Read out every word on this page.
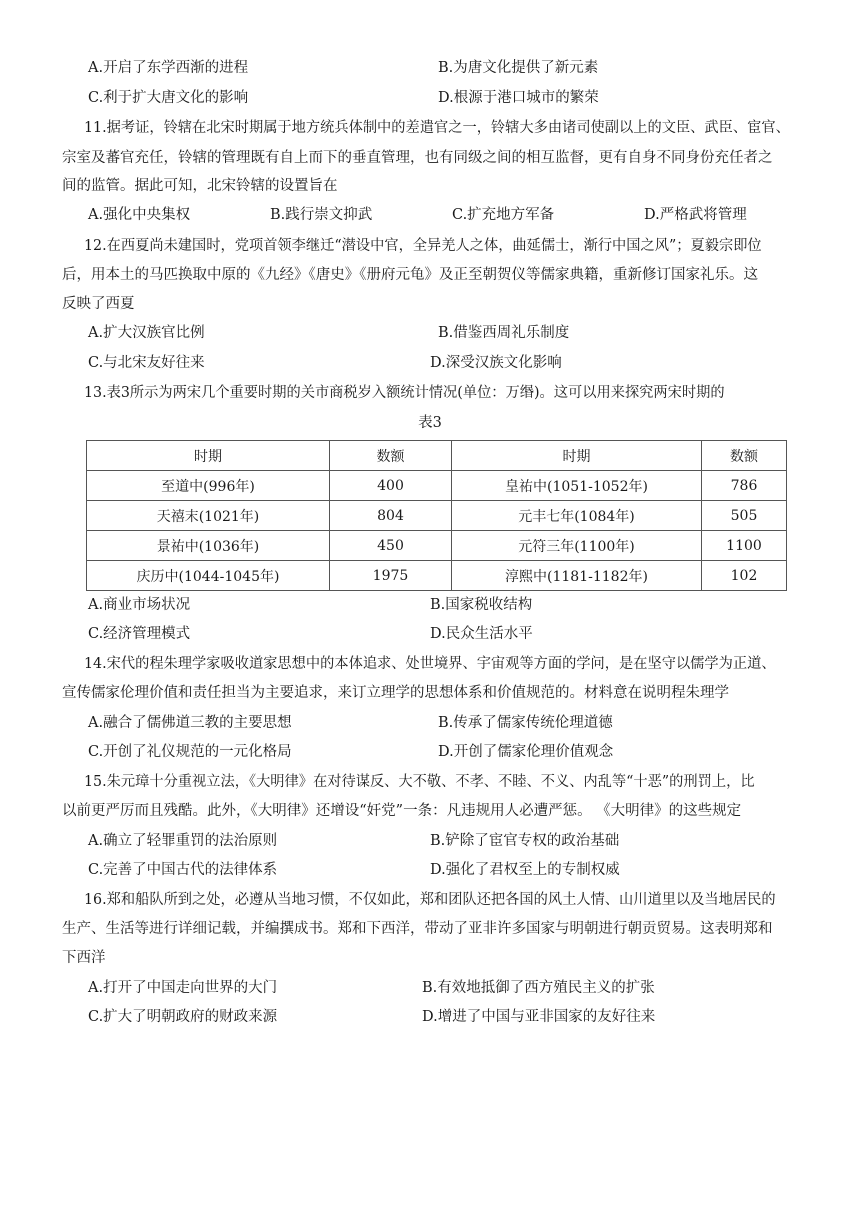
A.开启了东学西渐的进程	B.为唐文化提供了新元素
C.利于扩大唐文化的影响	D.根源于港口城市的繁荣
11.据考证，铃辖在北宋时期属于地方统兵体制中的差遣官之一，铃辖大多由诸司使副以上的文臣、武臣、宦官、
宗室及蕃官充任，铃辖的管理既有自上而下的垂直管理，也有同级之间的相互监督，更有自身不同身份充任者之
间的监管。据此可知，北宋铃辖的设置旨在
A.强化中央集权	B.践行崇文抑武	C.扩充地方军备	D.严格武将管理
12.在西夏尚未建国时，党项首领李继迁“潜设中官，全异羌人之体，曲延儒士，渐行中国之风”；夏毅宗即位
后，用本土的马匹换取中原的《九经》《唐史》《册府元龟》及正至朝贺仪等儒家典籍，重新修订国家礼乐。这
反映了西夏
A.扩大汉族官比例	B.借鉴西周礼乐制度
C.与北宋友好往来	D.深受汉族文化影响
13.表3所示为两宋几个重要时期的关市商税岁入额统计情况(单位：万缗)。这可以用来探究两宋时期的
表3
时期	数额	时期	数额
至道中(996年)	400	皇祐中(1051-1052年)	786
天禧末(1021年)	804	元丰七年(1084年)	505
景祐中(1036年)	450	元符三年(1100年)	1100
庆历中(1044-1045年)	1975	淳熙中(1181-1182年)	102
A.商业市场状况	B.国家税收结构
C.经济管理模式	D.民众生活水平
14.宋代的程朱理学家吸收道家思想中的本体追求、处世境界、宇宙观等方面的学问，是在坚守以儒学为正道、
宣传儒家伦理价值和责任担当为主要追求，来订立理学的思想体系和价值规范的。材料意在说明程朱理学
A.融合了儒佛道三教的主要思想	B.传承了儒家传统伦理道德
C.开创了礼仪规范的一元化格局	D.开创了儒家伦理价值观念
15.朱元璋十分重视立法，《大明律》在对待谋反、大不敬、不孝、不睦、不义、内乱等“十恶”的刑罚上，比
以前更严厉而且残酷。此外，《大明律》还增设“奸党”一条：凡违规用人必遭严惩。 《大明律》的这些规定
A.确立了轻罪重罚的法治原则	B.铲除了宦官专权的政治基础
C.完善了中国古代的法律体系	D.强化了君权至上的专制权威
16.郑和船队所到之处，必遵从当地习惯，不仅如此，郑和团队还把各国的风土人情、山川道里以及当地居民的
生产、生活等进行详细记载，并编撰成书。郑和下西洋，带动了亚非许多国家与明朝进行朝贡贸易。这表明郑和
下西洋
A.打开了中国走向世界的大门	B.有效地抵御了西方殖民主义的扩张
C.扩大了明朝政府的财政来源	D.增进了中国与亚非国家的友好往来
